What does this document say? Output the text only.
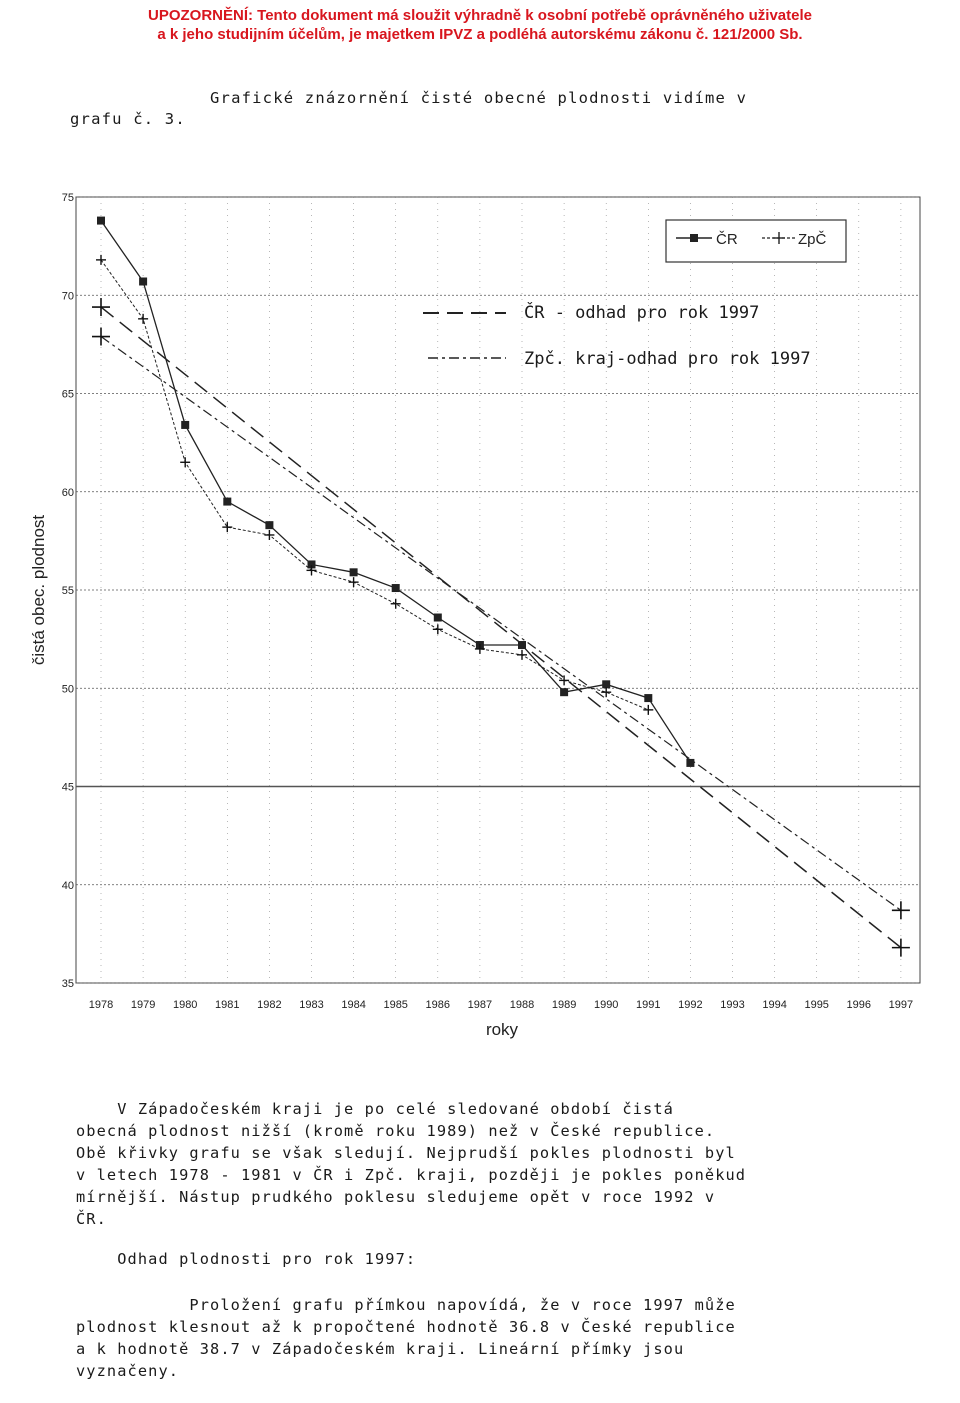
UPOZORNĚNÍ: Tento dokument má sloužit výhradně k osobní potřebě oprávněného uživatele
a k jeho studijním účelům, je majetkem IPVZ a podléhá autorskému zákonu č. 121/2000 Sb.
Grafické znázornění čisté obecné plodnosti vidíme v
grafu č. 3.
75
70
65
60
55
50
45
40
35
1978 1979 1980 1981 1982 1983 1984 1985 1986 1987 1988 1989 1990 1991 1992 1993 1994 1995 1996 1997
ČR	ZpČ
ČR - odhad pro rok 1997
Zpč. kraj-odhad pro rok 1997
čistá obec. plodnost
roky
V Západočeském kraji je po celé sledované období čistá
obecná plodnost nižší (kromě roku 1989) než v České republice.
Obě křivky grafu se však sledují. Nejprudší pokles plodnosti byl
v letech 1978 - 1981 v ČR i Zpč. kraji, později je pokles poněkud
mírnější. Nástup prudkého poklesu sledujeme opět v roce 1992 v
ČR.
Odhad plodnosti pro rok 1997:
Proložení grafu přímkou napovídá, že v roce 1997 může
plodnost klesnout až k propočtené hodnotě 36.8 v České republice
a k hodnotě 38.7 v Západočeském kraji. Lineární přímky jsou
vyznačeny.
